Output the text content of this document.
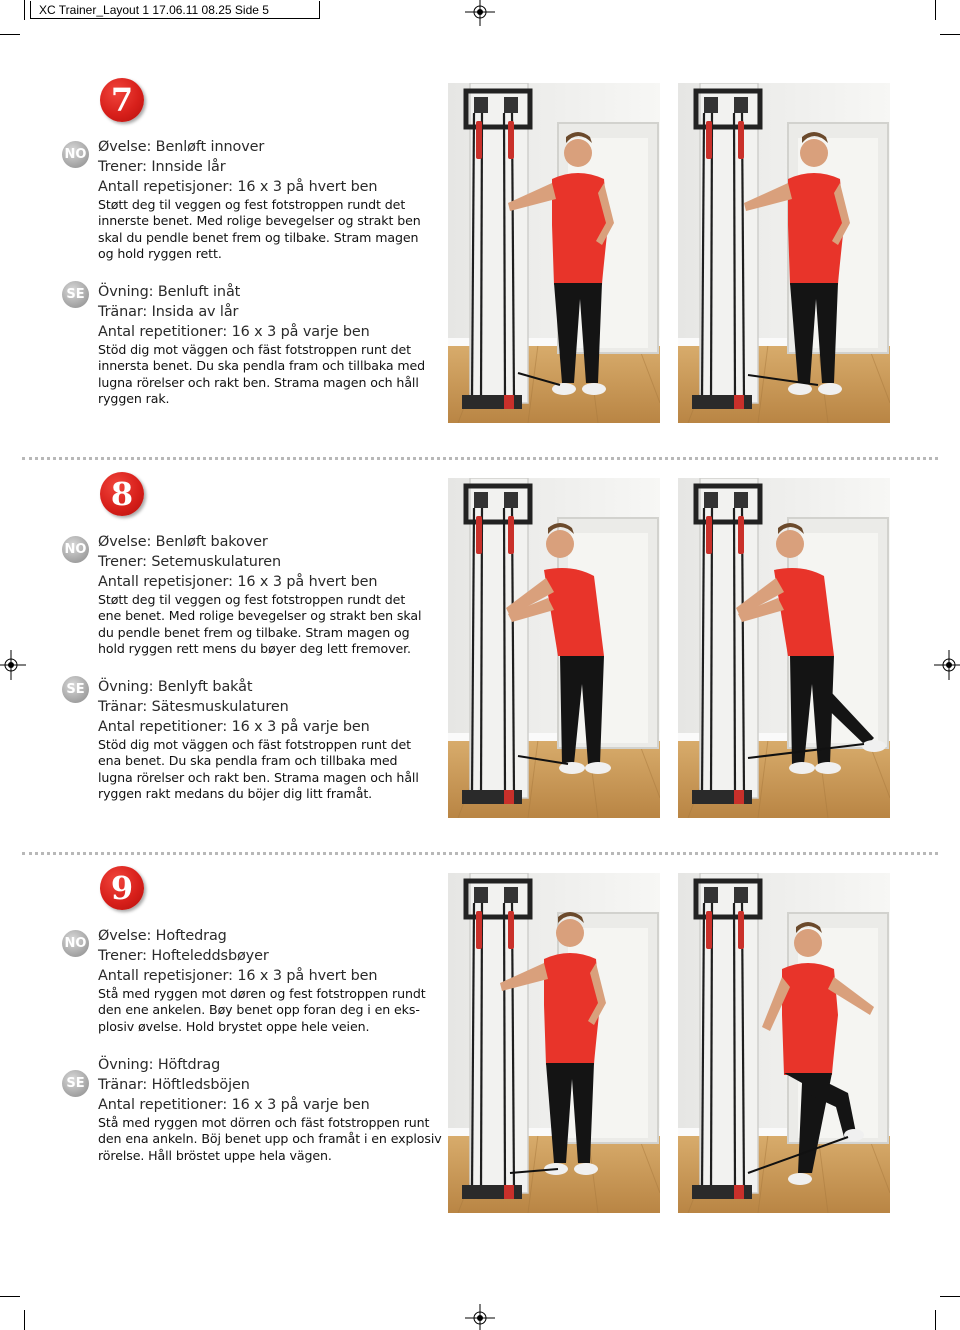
XC Trainer_Layout 1 17.06.11 08.25 Side 5
7
NO Øvelse: Benløft innover
Trener: Innside lår
Antall repetisjoner: 16 x 3 på hvert ben
Støtt deg til veggen og fest fotstroppen rundt det
innerste benet. Med rolige bevegelser og strakt ben
skal du pendle benet frem og tilbake. Stram magen
og hold ryggen rett.
SE Övning: Benluft inåt
Tränar: Insida av lår
Antal repetitioner: 16 x 3 på varje ben
Stöd dig mot väggen och fäst fotstroppen runt det
innersta benet. Du ska pendla fram och tillbaka med
lugna rörelser och rakt ben. Strama magen och håll
ryggen rak.
8
NO Øvelse: Benløft bakover
Trener: Setemuskulaturen
Antall repetisjoner: 16 x 3 på hvert ben
Støtt deg til veggen og fest fotstroppen rundt det
ene benet. Med rolige bevegelser og strakt ben skal
du pendle benet frem og tilbake. Stram magen og
hold ryggen rett mens du bøyer deg lett fremover.
SE Övning: Benlyft bakåt
Tränar: Sätesmuskulaturen
Antal repetitioner: 16 x 3 på varje ben
Stöd dig mot väggen och fäst fotstroppen runt det
ena benet. Du ska pendla fram och tillbaka med
lugna rörelser och rakt ben. Strama magen och håll
ryggen rakt medans du böjer dig litt framåt.
9
NO Øvelse: Hoftedrag
Trener: Hofteleddsbøyer
Antall repetisjoner: 16 x 3 på hvert ben
Stå med ryggen mot døren og fest fotstroppen rundt
den ene ankelen. Bøy benet opp foran deg i en eks-
plosiv øvelse. Hold brystet oppe hele veien.
SE
Övning: Höftdrag
Tränar: Höftledsböjen
Antal repetitioner: 16 x 3 på varje ben
Stå med ryggen mot dörren och fäst fotstroppen runt
den ena ankeln. Böj benet upp och framåt i en explosiv
rörelse. Håll bröstet uppe hela vägen.
